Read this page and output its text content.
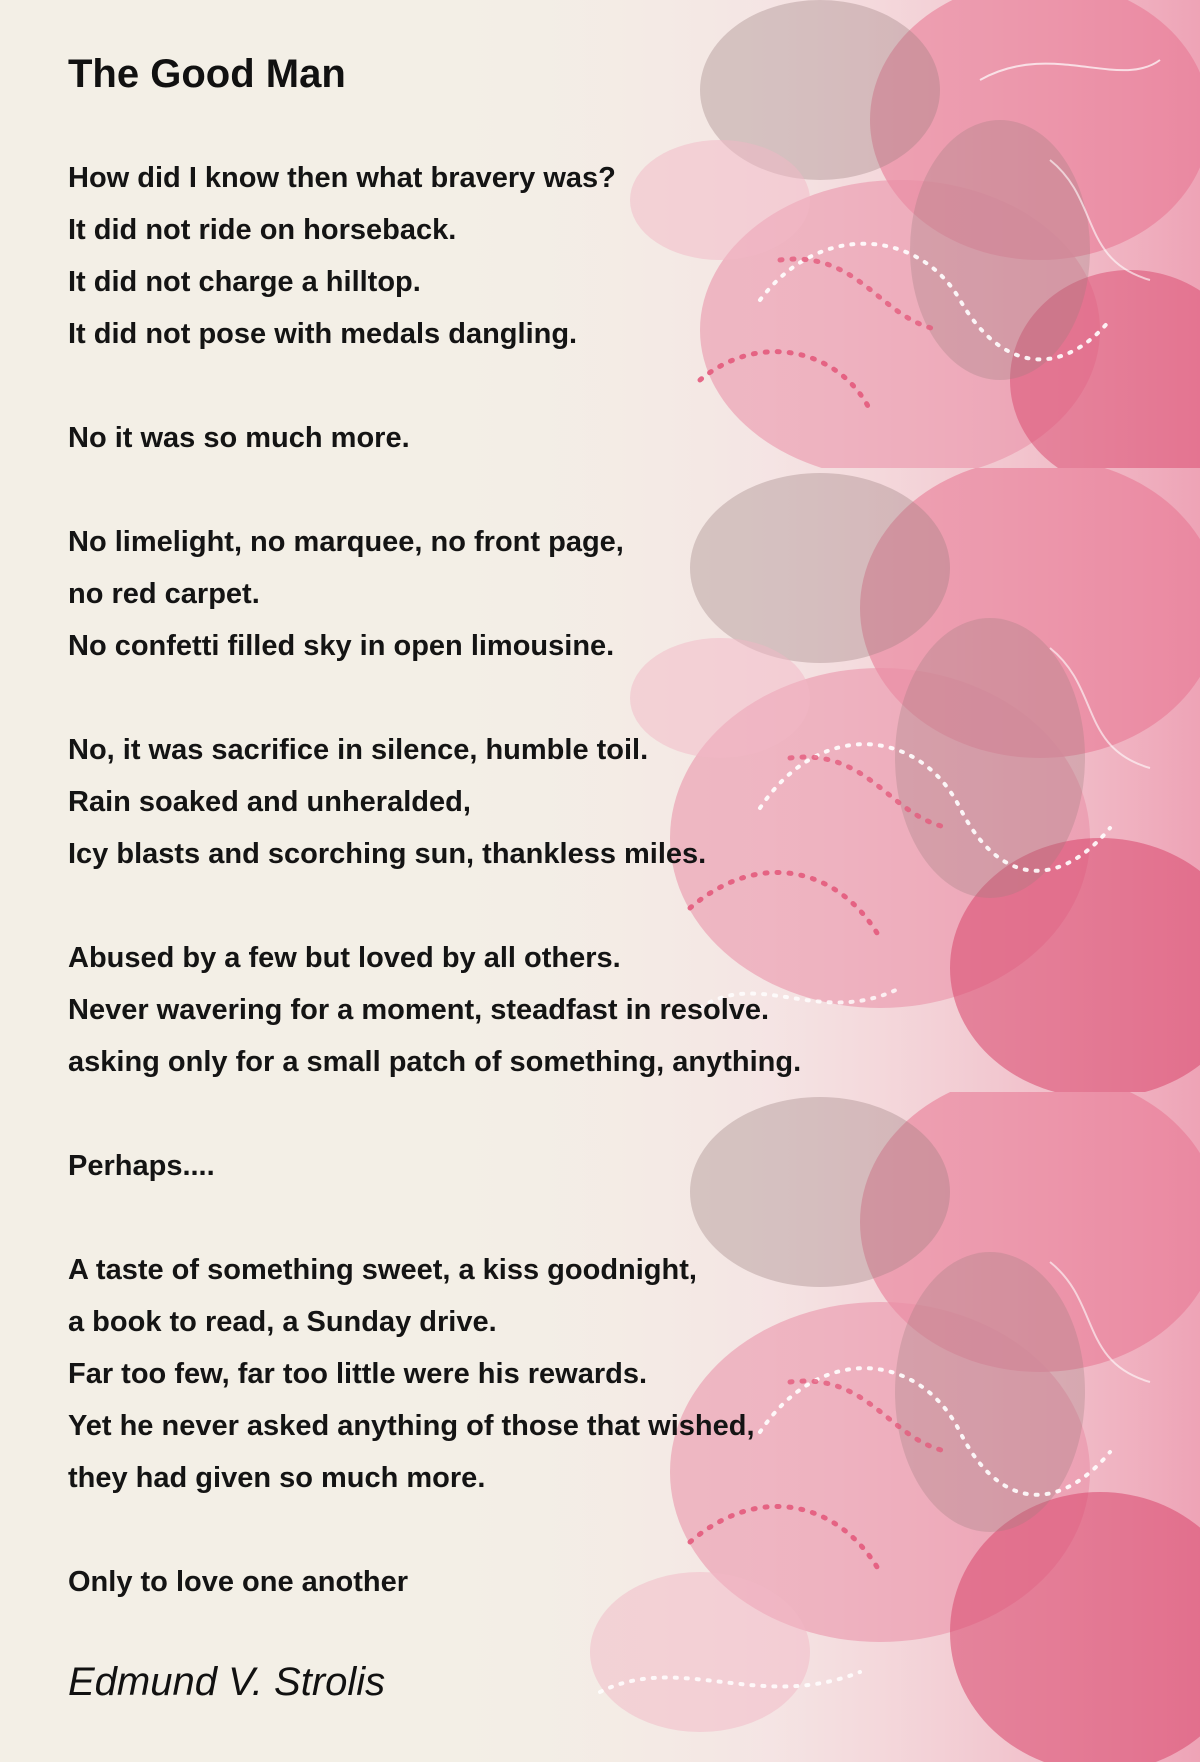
The Good Man
How did I know then what bravery was?
It did not ride on horseback.
It did not charge a hilltop.
It did not pose with medals dangling.
No it was so much more.
No limelight, no marquee, no front page,
no red carpet.
No confetti filled sky in open limousine.
No, it was sacrifice in silence, humble toil.
Rain soaked and unheralded,
Icy blasts and scorching sun, thankless miles.
Abused by a few but loved by all others.
Never wavering for a moment, steadfast in resolve.
asking only for a small patch of something, anything.
Perhaps....
A taste of something sweet, a kiss goodnight,
a book to read, a Sunday drive.
Far too few, far too little were his rewards.
Yet he never asked anything of those that wished,
they had given so much more.
Only to love one another
Edmund V. Strolis
